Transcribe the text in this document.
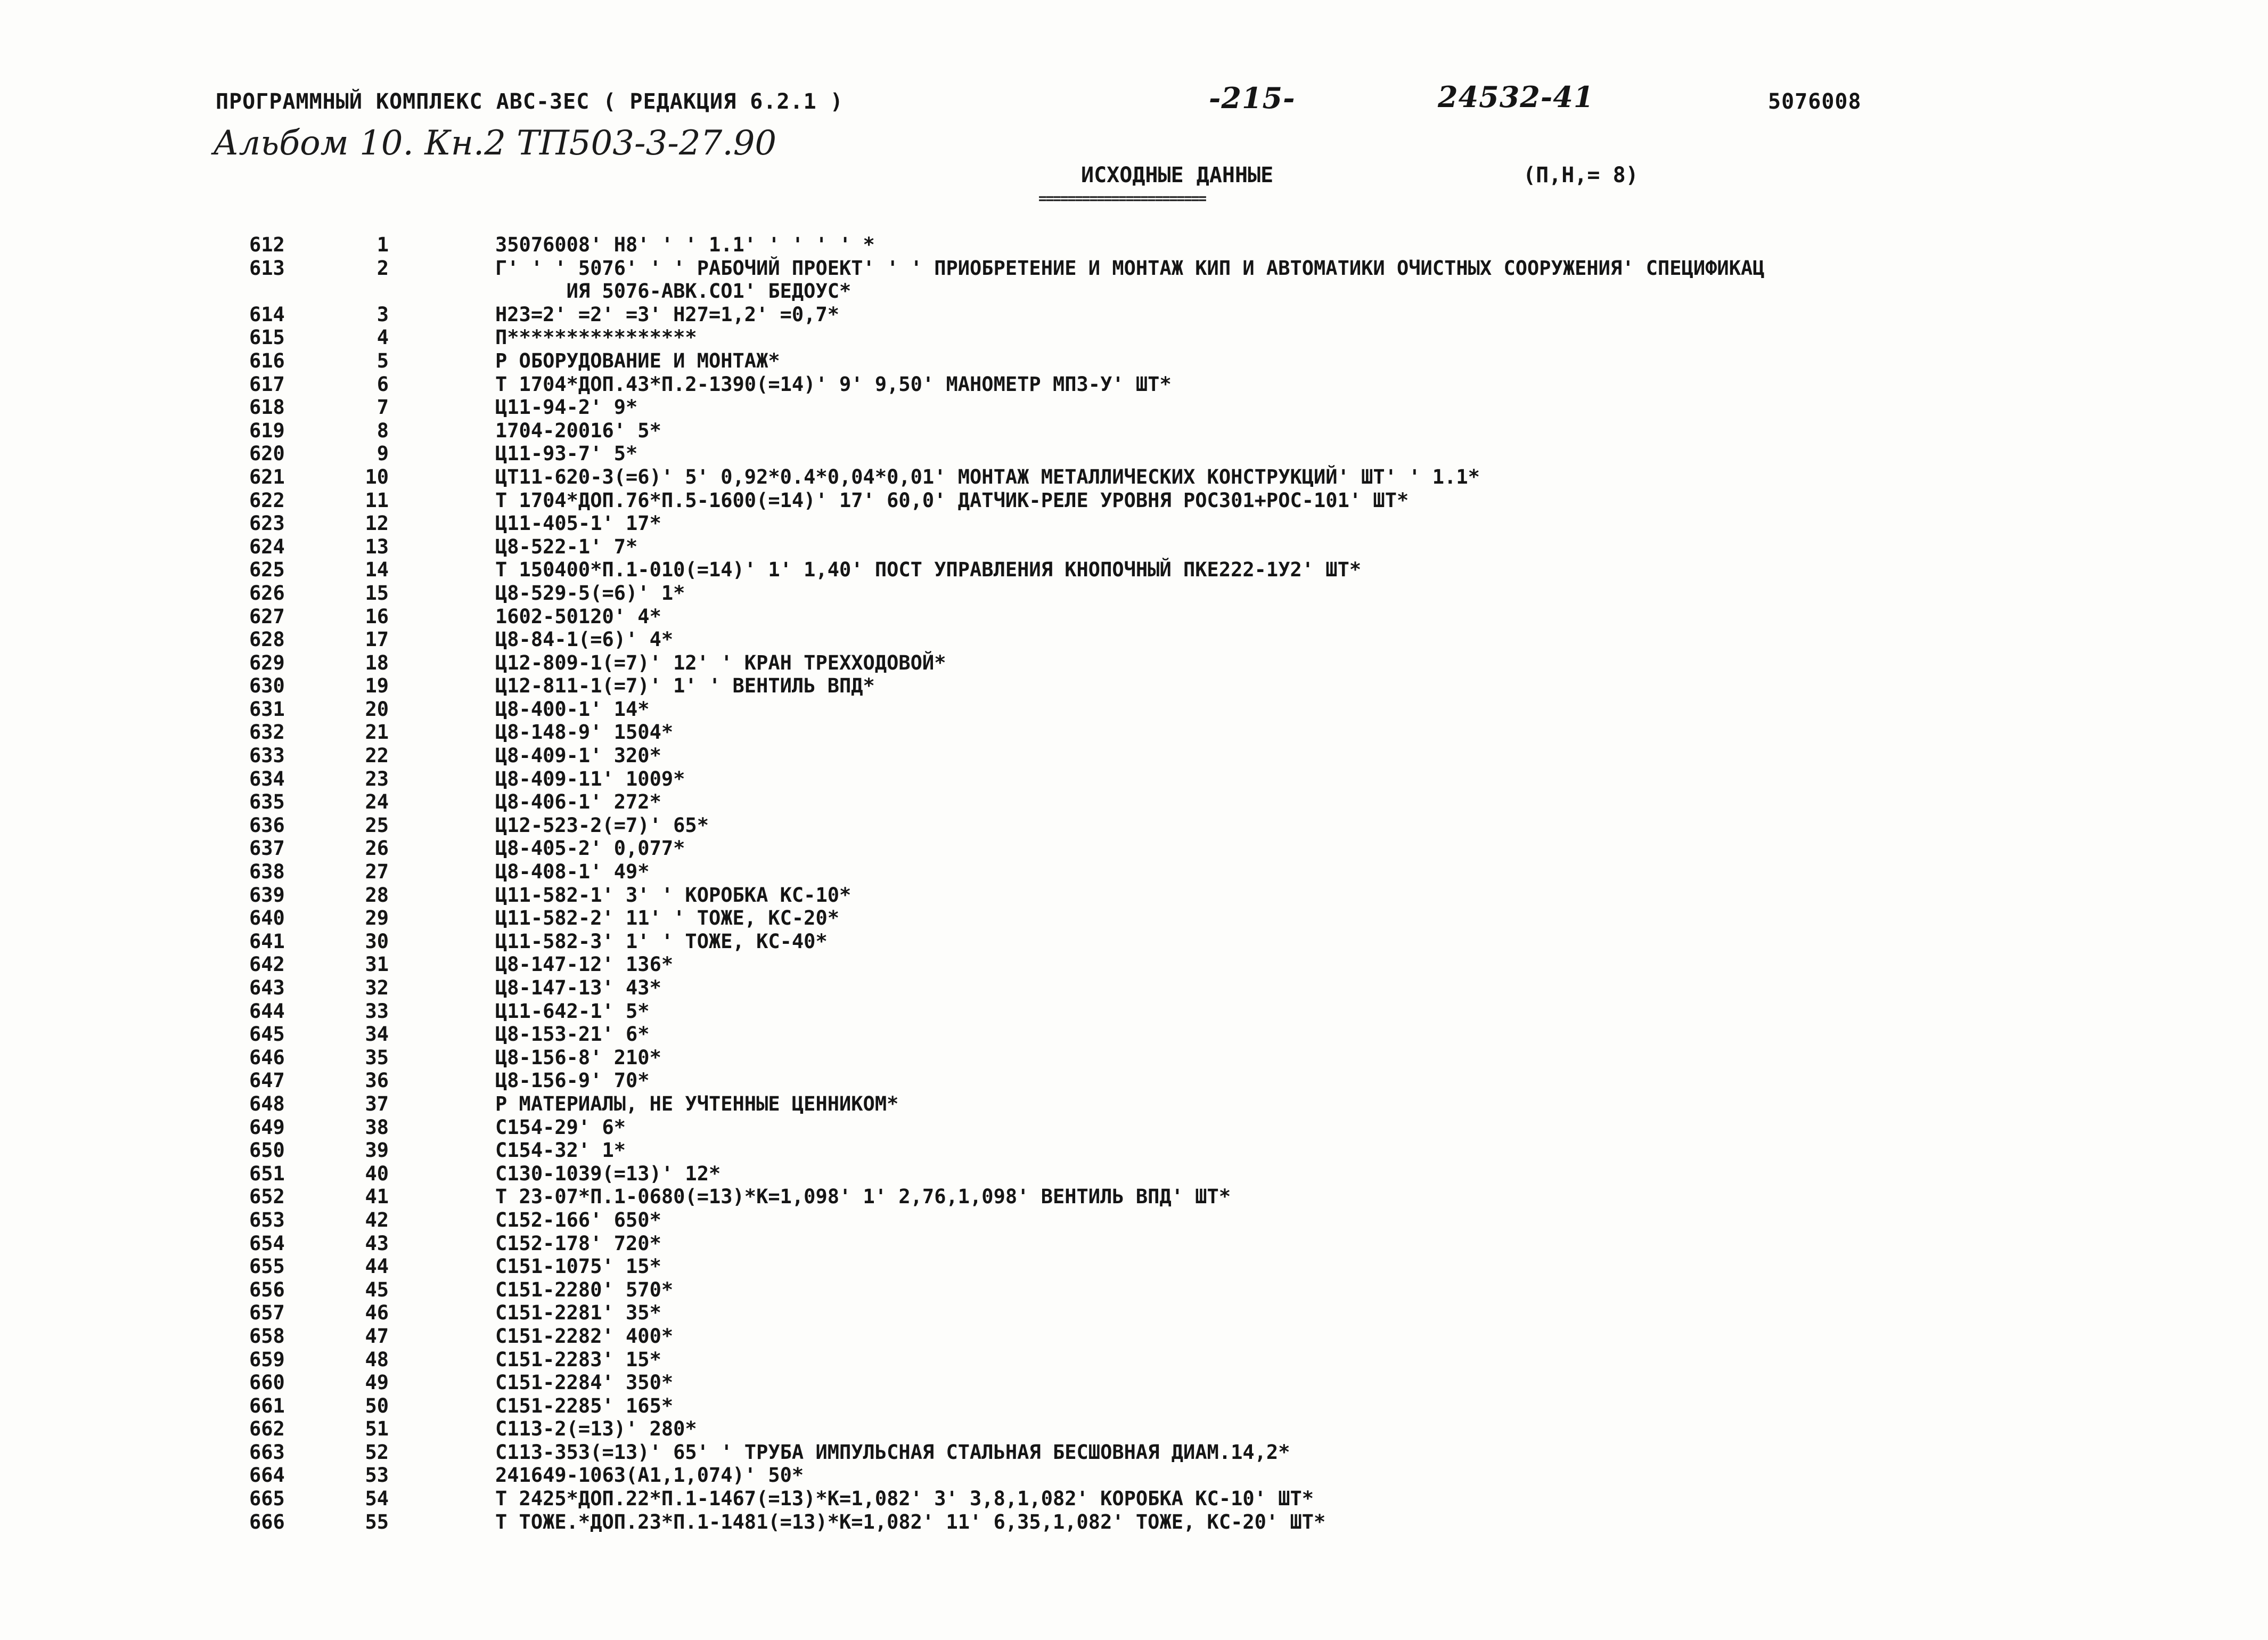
ПРОГРАММНЫЙ КОМПЛЕКС АВС-ЗЕС ( РЕДАКЦИЯ 6.2.1 )	-215-	24532-41	5076008
Альбом 10. Кн.2 ТП503-3-27.90
ИСХОДНЫЕ ДАННЫЕ
=======================
(П,Н,= 8)
612	1	35076008' Н8' ' ' 1.1' ' ' ' ' *
613	2	Г' ' ' 5076' ' ' РАБОЧИЙ ПРОЕКТ' ' ' ПРИОБРЕТЕНИЕ И МОНТАЖ КИП И АВТОМАТИКИ ОЧИСТНЫХ СООРУЖЕНИЯ' СПЕЦИФИКАЦ
ИЯ 5076-АВК.СО1' БЕДОУС*
614	3	Н23=2' =2' =3' Н27=1,2' =0,7*
615	4	П****************
616	5	Р ОБОРУДОВАНИЕ И МОНТАЖ*
617	6	Т 1704*ДОП.43*П.2-1390(=14)' 9' 9,50' МАНОМЕТР МПЗ-У' ШТ*
618	7	Ц11-94-2' 9*
619	8	1704-20016' 5*
620	9	Ц11-93-7' 5*
621	10	ЦТ11-620-3(=6)' 5' 0,92*0.4*0,04*0,01' МОНТАЖ МЕТАЛЛИЧЕСКИХ КОНСТРУКЦИЙ' ШТ' ' 1.1*
622	11	Т 1704*ДОП.76*П.5-1600(=14)' 17' 60,0' ДАТЧИК-РЕЛЕ УРОВНЯ РОС301+РОС-101' ШТ*
623	12	Ц11-405-1' 17*
624	13	Ц8-522-1' 7*
625	14	Т 150400*П.1-010(=14)' 1' 1,40' ПОСТ УПРАВЛЕНИЯ КНОПОЧНЫЙ ПКЕ222-1У2' ШТ*
626	15	Ц8-529-5(=6)' 1*
627	16	1602-50120' 4*
628	17	Ц8-84-1(=6)' 4*
629	18	Ц12-809-1(=7)' 12' ' КРАН ТРЕХХОДОВОЙ*
630	19	Ц12-811-1(=7)' 1' ' ВЕНТИЛЬ ВПД*
631	20	Ц8-400-1' 14*
632	21	Ц8-148-9' 1504*
633	22	Ц8-409-1' 320*
634	23	Ц8-409-11' 1009*
635	24	Ц8-406-1' 272*
636	25	Ц12-523-2(=7)' 65*
637	26	Ц8-405-2' 0,077*
638	27	Ц8-408-1' 49*
639	28	Ц11-582-1' 3' ' КОРОБКА КС-10*
640	29	Ц11-582-2' 11' ' ТОЖЕ, КС-20*
641	30	Ц11-582-3' 1' ' ТОЖЕ, КС-40*
642	31	Ц8-147-12' 136*
643	32	Ц8-147-13' 43*
644	33	Ц11-642-1' 5*
645	34	Ц8-153-21' 6*
646	35	Ц8-156-8' 210*
647	36	Ц8-156-9' 70*
648	37	Р МАТЕРИАЛЫ, НЕ УЧТЕННЫЕ ЦЕННИКОМ*
649	38	С154-29' 6*
650	39	С154-32' 1*
651	40	С130-1039(=13)' 12*
652	41	Т 23-07*П.1-0680(=13)*К=1,098' 1' 2,76,1,098' ВЕНТИЛЬ ВПД' ШТ*
653	42	С152-166' 650*
654	43	С152-178' 720*
655	44	С151-1075' 15*
656	45	С151-2280' 570*
657	46	С151-2281' 35*
658	47	С151-2282' 400*
659	48	С151-2283' 15*
660	49	С151-2284' 350*
661	50	С151-2285' 165*
662	51	С113-2(=13)' 280*
663	52	С113-353(=13)' 65' ' ТРУБА ИМПУЛЬСНАЯ СТАЛЬНАЯ БЕСШОВНАЯ ДИАМ.14,2*
664	53	241649-1063(А1,1,074)' 50*
665	54	Т 2425*ДОП.22*П.1-1467(=13)*К=1,082' 3' 3,8,1,082' КОРОБКА КС-10' ШТ*
666	55	Т ТОЖЕ.*ДОП.23*П.1-1481(=13)*К=1,082' 11' 6,35,1,082' ТОЖЕ, КС-20' ШТ*
